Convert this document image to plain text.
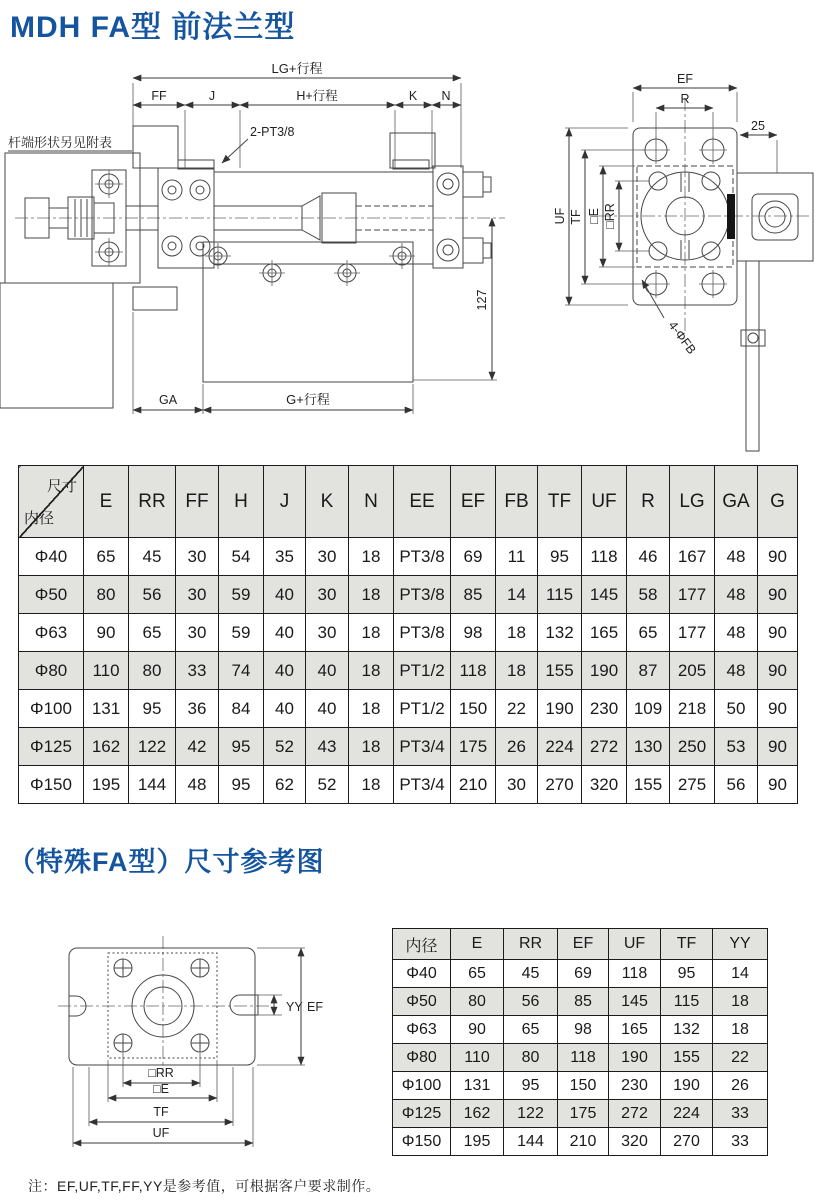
MDH FA型 前法兰型
LG+行程
FF	J	H+行程	K N
杆端形状另见附表
2-PT3/8
GA	G+行程
127
EF
R
25
UF TF □E □RR
4-ΦFB
尺寸
内径	E	RR	FF	H	J	K	N	EE	EF	FB	TF	UF	R	LG	GA	G
Φ40	65	45	30	54	35	30	18	PT3/8	69	11	95	118	46	167	48	90
Φ50	80	56	30	59	40	30	18	PT3/8	85	14	115	145	58	177	48	90
Φ63	90	65	30	59	40	30	18	PT3/8	98	18	132	165	65	177	48	90
Φ80	110	80	33	74	40	40	18	PT1/2	118	18	155	190	87	205	48	90
Φ100	131	95	36	84	40	40	18	PT1/2	150	22	190	230	109	218	50	90
Φ125	162	122	42	95	52	43	18	PT3/4	175	26	224	272	130	250	53	90
Φ150	195	144	48	95	62	52	18	PT3/4	210	30	270	320	155	275	56	90
（特殊FA型）尺寸参考图
YY EF
□RR
□E
TF
UF
内径	E	RR	EF	UF	TF	YY
Φ40	65	45	69	118	95	14
Φ50	80	56	85	145	115	18
Φ63	90	65	98	165	132	18
Φ80	110	80	118	190	155	22
Φ100	131	95	150	230	190	26
Φ125	162	122	175	272	224	33
Φ150	195	144	210	320	270	33

注：EF,UF,TF,FF,YY是参考值，可根据客户要求制作。
